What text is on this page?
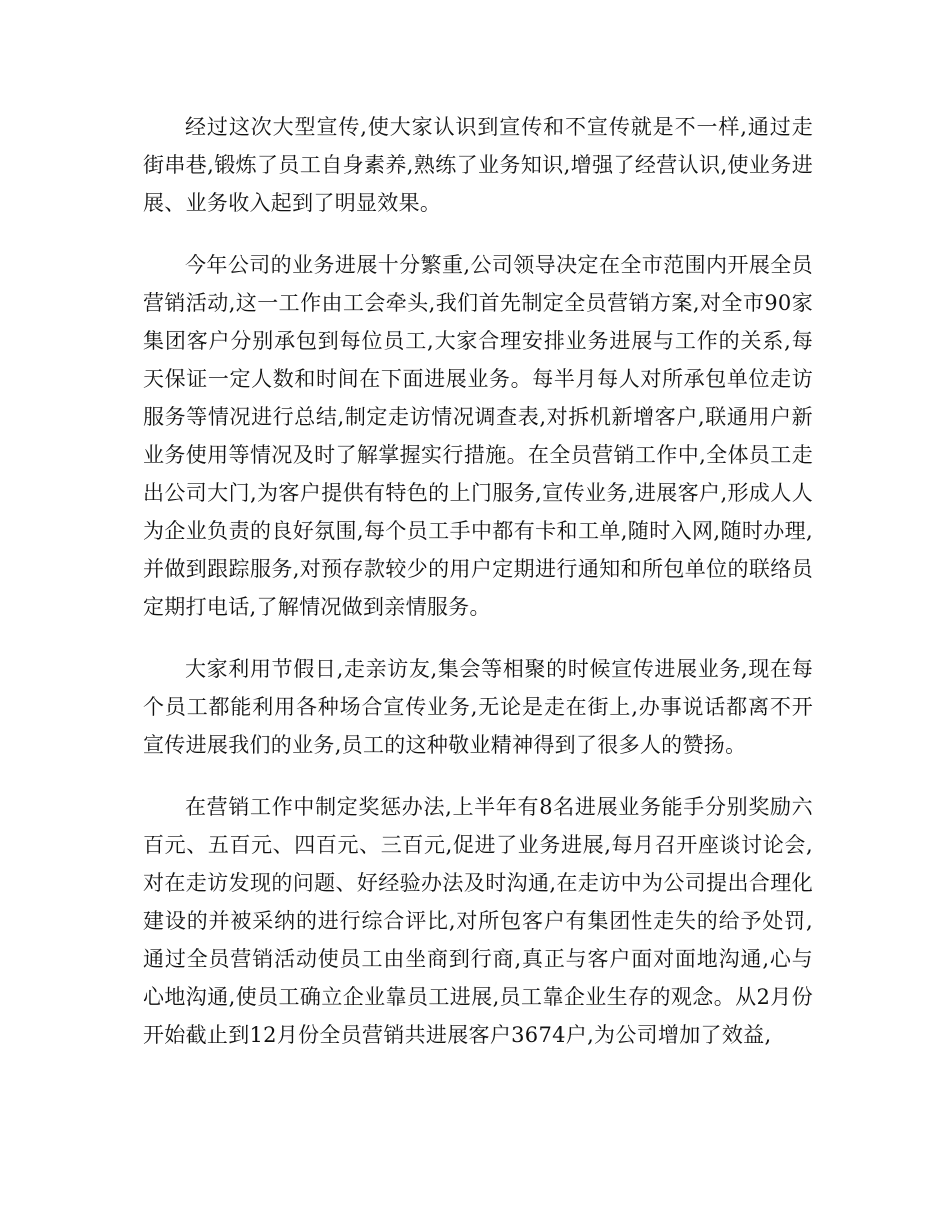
经过这次大型宣传,使大家认识到宣传和不宣传就是不一样,通过走街串巷,锻炼了员工自身素养,熟练了业务知识,增强了经营认识,使业务进展、业务收入起到了明显效果。

今年公司的业务进展十分繁重,公司领导决定在全市范围内开展全员营销活动,这一工作由工会牵头,我们首先制定全员营销方案,对全市90家集团客户分别承包到每位员工,大家合理安排业务进展与工作的关系,每天保证一定人数和时间在下面进展业务。每半月每人对所承包单位走访服务等情况进行总结,制定走访情况调查表,对拆机新增客户,联通用户新业务使用等情况及时了解掌握实行措施。在全员营销工作中,全体员工走出公司大门,为客户提供有特色的上门服务,宣传业务,进展客户,形成人人为企业负责的良好氛围,每个员工手中都有卡和工单,随时入网,随时办理,并做到跟踪服务,对预存款较少的用户定期进行通知和所包单位的联络员定期打电话,了解情况做到亲情服务。

大家利用节假日,走亲访友,集会等相聚的时候宣传进展业务,现在每个员工都能利用各种场合宣传业务,无论是走在街上,办事说话都离不开宣传进展我们的业务,员工的这种敬业精神得到了很多人的赞扬。

在营销工作中制定奖惩办法,上半年有8名进展业务能手分别奖励六百元、五百元、四百元、三百元,促进了业务进展,每月召开座谈讨论会,对在走访发现的问题、好经验办法及时沟通,在走访中为公司提出合理化建设的并被采纳的进行综合评比,对所包客户有集团性走失的给予处罚,通过全员营销活动使员工由坐商到行商,真正与客户面对面地沟通,心与心地沟通,使员工确立企业靠员工进展,员工靠企业生存的观念。从2月份开始截止到12月份全员营销共进展客户3674户,为公司增加了效益,
